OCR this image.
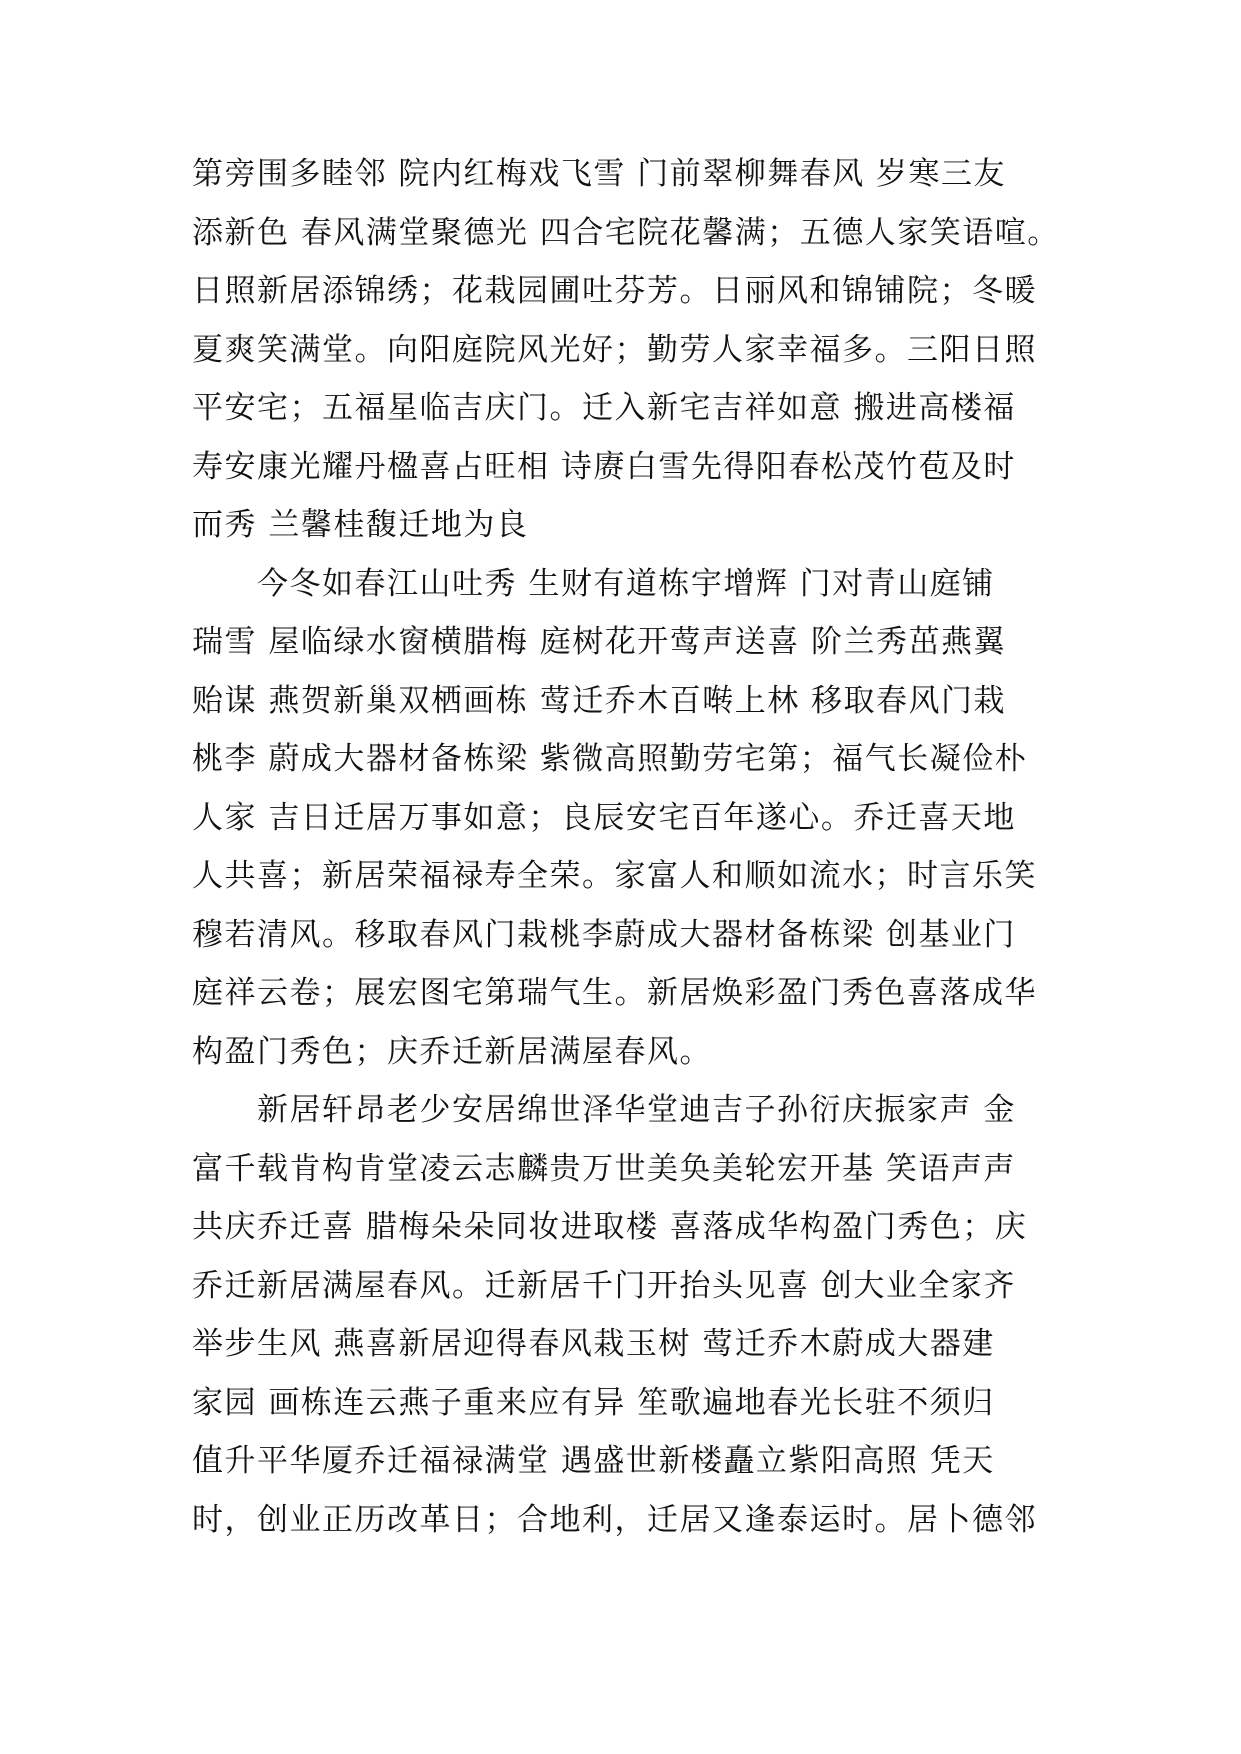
第旁围多睦邻 院内红梅戏飞雪 门前翠柳舞春风 岁寒三友
添新色 春风满堂聚德光 四合宅院花馨满；五德人家笑语喧。
日照新居添锦绣；花栽园圃吐芬芳。日丽风和锦铺院；冬暖
夏爽笑满堂。向阳庭院风光好；勤劳人家幸福多。三阳日照
平安宅；五福星临吉庆门。迁入新宅吉祥如意 搬进高楼福
寿安康光耀丹楹喜占旺相 诗赓白雪先得阳春松茂竹苞及时
而秀 兰馨桂馥迁地为良
　　今冬如春江山吐秀 生财有道栋宇增辉 门对青山庭铺
瑞雪 屋临绿水窗横腊梅 庭树花开莺声送喜 阶兰秀茁燕翼
贻谋 燕贺新巢双栖画栋 莺迁乔木百啭上林 移取春风门栽
桃李 蔚成大器材备栋梁 紫微高照勤劳宅第；福气长凝俭朴
人家 吉日迁居万事如意；良辰安宅百年遂心。乔迁喜天地
人共喜；新居荣福禄寿全荣。家富人和顺如流水；时言乐笑
穆若清风。移取春风门栽桃李蔚成大器材备栋梁 创基业门
庭祥云卷；展宏图宅第瑞气生。新居焕彩盈门秀色喜落成华
构盈门秀色；庆乔迁新居满屋春风。
　　新居轩昂老少安居绵世泽华堂迪吉子孙衍庆振家声 金
富千载肯构肯堂凌云志麟贵万世美奂美轮宏开基 笑语声声
共庆乔迁喜 腊梅朵朵同妆进取楼 喜落成华构盈门秀色；庆
乔迁新居满屋春风。迁新居千门开抬头见喜 创大业全家齐
举步生风 燕喜新居迎得春风栽玉树 莺迁乔木蔚成大器建
家园 画栋连云燕子重来应有异 笙歌遍地春光长驻不须归
值升平华厦乔迁福禄满堂 遇盛世新楼矗立紫阳高照 凭天
时，创业正历改革日；合地利，迁居又逢泰运时。居卜德邻
